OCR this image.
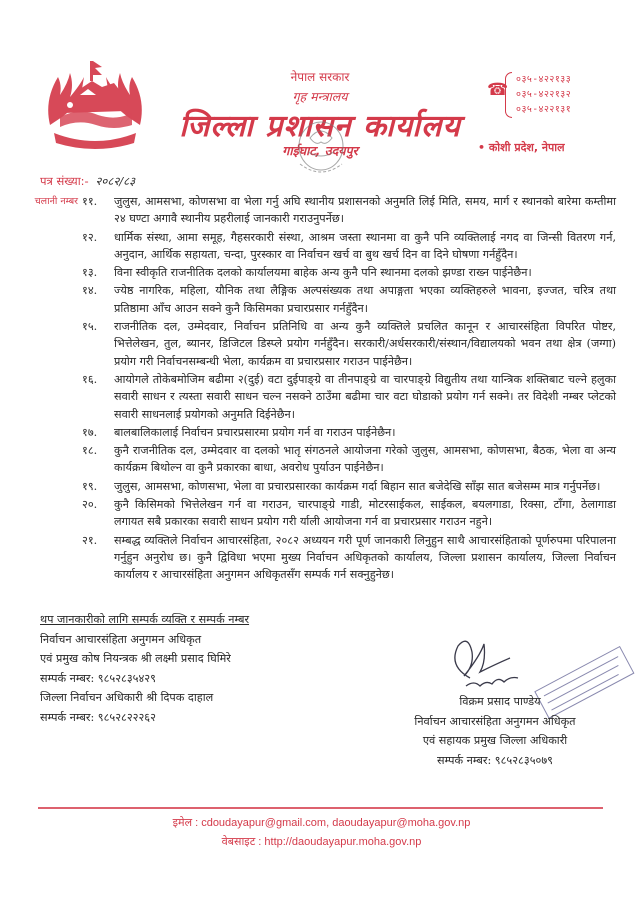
नेपाल सरकार
गृह मन्त्रालय
जिल्ला प्रशासन कार्यालय
गाईघाट, उदयपुर
☎
०३५-४२२१३३
०३५-४२२१३२
०३५-४२२१३१
• कोशी प्रदेश, नेपाल
पत्र संख्या:- २०८२/८३
चलानी नम्बर ११.	जुलुस, आमसभा, कोणसभा वा भेला गर्नु अघि स्थानीय प्रशासनको अनुमति लिई मिति, समय, मार्ग र स्थानको बारेमा कम्तीमा २४ घण्टा अगावै स्थानीय प्रहरीलाई जानकारी गराउनुपर्नेछ।
१२.	धार्मिक संस्था, आमा समूह, गैहसरकारी संस्था, आश्रम जस्ता स्थानमा वा कुनै पनि व्यक्तिलाई नगद वा जिन्सी वितरण गर्न, अनुदान, आर्थिक सहायता, चन्दा, पुरस्कार वा निर्वाचन खर्च वा बुथ खर्च दिन वा दिने घोषणा गर्नहुँदैन।
१३.	विना स्वीकृति राजनीतिक दलको कार्यालयमा बाहेक अन्य कुनै पनि स्थानमा दलको झण्डा राख्न पाईनेछैन।
१४.	ज्येष्ठ नागरिक, महिला, यौनिक तथा लैङ्गिक अल्पसंख्यक तथा अपाङ्गता भएका व्यक्तिहरुले भावना, इज्जत, चरित्र तथा प्रतिष्ठामा आँच आउन सक्ने कुनै किसिमका प्रचारप्रसार गर्नहुँदैन।
१५.	राजनीतिक दल, उम्मेदवार, निर्वाचन प्रतिनिधि वा अन्य कुनै व्यक्तिले प्रचलित कानून र आचारसंहिता विपरित पोष्टर, भित्तेलेखन, तुल, ब्यानर, डिजिटल डिस्प्ले प्रयोग गर्नहुँदैन। सरकारी/अर्धसरकारी/संस्थान/विद्यालयको भवन तथा क्षेत्र (जग्गा) प्रयोग गरी निर्वाचनसम्बन्धी भेला, कार्यक्रम वा प्रचारप्रसार गराउन पाईनेछैन।
१६.	आयोगले तोकेबमोजिम बढीमा २(दुई) वटा दुईपाङ्ग्रे वा तीनपाङ्ग्रे वा चारपाङ्ग्रे विद्युतीय तथा यान्त्रिक शक्तिबाट चल्ने हलुका सवारी साधन र त्यस्ता सवारी साधन चल्न नसक्ने ठाउँमा बढीमा चार वटा घोडाको प्रयोग गर्न सक्ने। तर विदेशी नम्बर प्लेटको सवारी साधनलाई प्रयोगको अनुमति दिईनेछैन।
१७.	बालबालिकालाई निर्वाचन प्रचारप्रसारमा प्रयोग गर्न वा गराउन पाईनेछैन।
१८.	कुनै राजनीतिक दल, उम्मेदवार वा दलको भातृ संगठनले आयोजना गरेको जुलुस, आमसभा, कोणसभा, बैठक, भेला वा अन्य कार्यक्रम बिथोल्न वा कुनै प्रकारका बाधा, अवरोध पुर्याउन पाईनेछैन।
१९.	जुलुस, आमसभा, कोणसभा, भेला वा प्रचारप्रसारका कार्यक्रम गर्दा बिहान सात बजेदेखि साँझ सात बजेसम्म मात्र गर्नुपर्नेछ।
२०.	कुनै किसिमको भित्तेलेखन गर्न वा गराउन, चारपाङ्ग्रे गाडी, मोटरसाईकल, साईकल, बयलगाडा, रिक्सा, टाँगा, ठेलागाडा लगायत सबै प्रकारका सवारी साधन प्रयोग गरी र्याली आयोजना गर्न वा प्रचारप्रसार गराउन नहुने।
२१.	सम्बद्ध व्यक्तिले निर्वाचन आचारसंहिता, २०८२ अध्ययन गरी पूर्ण जानकारी लिनुहुन साथै आचारसंहिताको पूर्णरुपमा परिपालना गर्नुहुन अनुरोध छ। कुनै द्विविधा भएमा मुख्य निर्वाचन अधिकृतको कार्यालय, जिल्ला प्रशासन कार्यालय, जिल्ला निर्वाचन कार्यालय र आचारसंहिता अनुगमन अधिकृतसँग सम्पर्क गर्न सक्नुहुनेछ।
थप जानकारीको लागि सम्पर्क व्यक्ति र सम्पर्क नम्बर
निर्वाचन आचारसंहिता अनुगमन अधिकृत
एवं प्रमुख कोष नियन्त्रक श्री लक्ष्मी प्रसाद घिमिरे
सम्पर्क नम्बर: ९८५२८३५४२९
जिल्ला निर्वाचन अधिकारी श्री दिपक दाहाल
सम्पर्क नम्बर: ९८५२८२२२६२
विक्रम प्रसाद पाण्डेय
निर्वाचन आचारसंहिता अनुगमन अधिकृत
एवं सहायक प्रमुख जिल्ला अधिकारी
सम्पर्क नम्बर: ९८५२८३५०७९
इमेल : cdoudayapur@gmail.com, daoudayapur@moha.gov.np
वेबसाइट : http://daoudayapur.moha.gov.np
